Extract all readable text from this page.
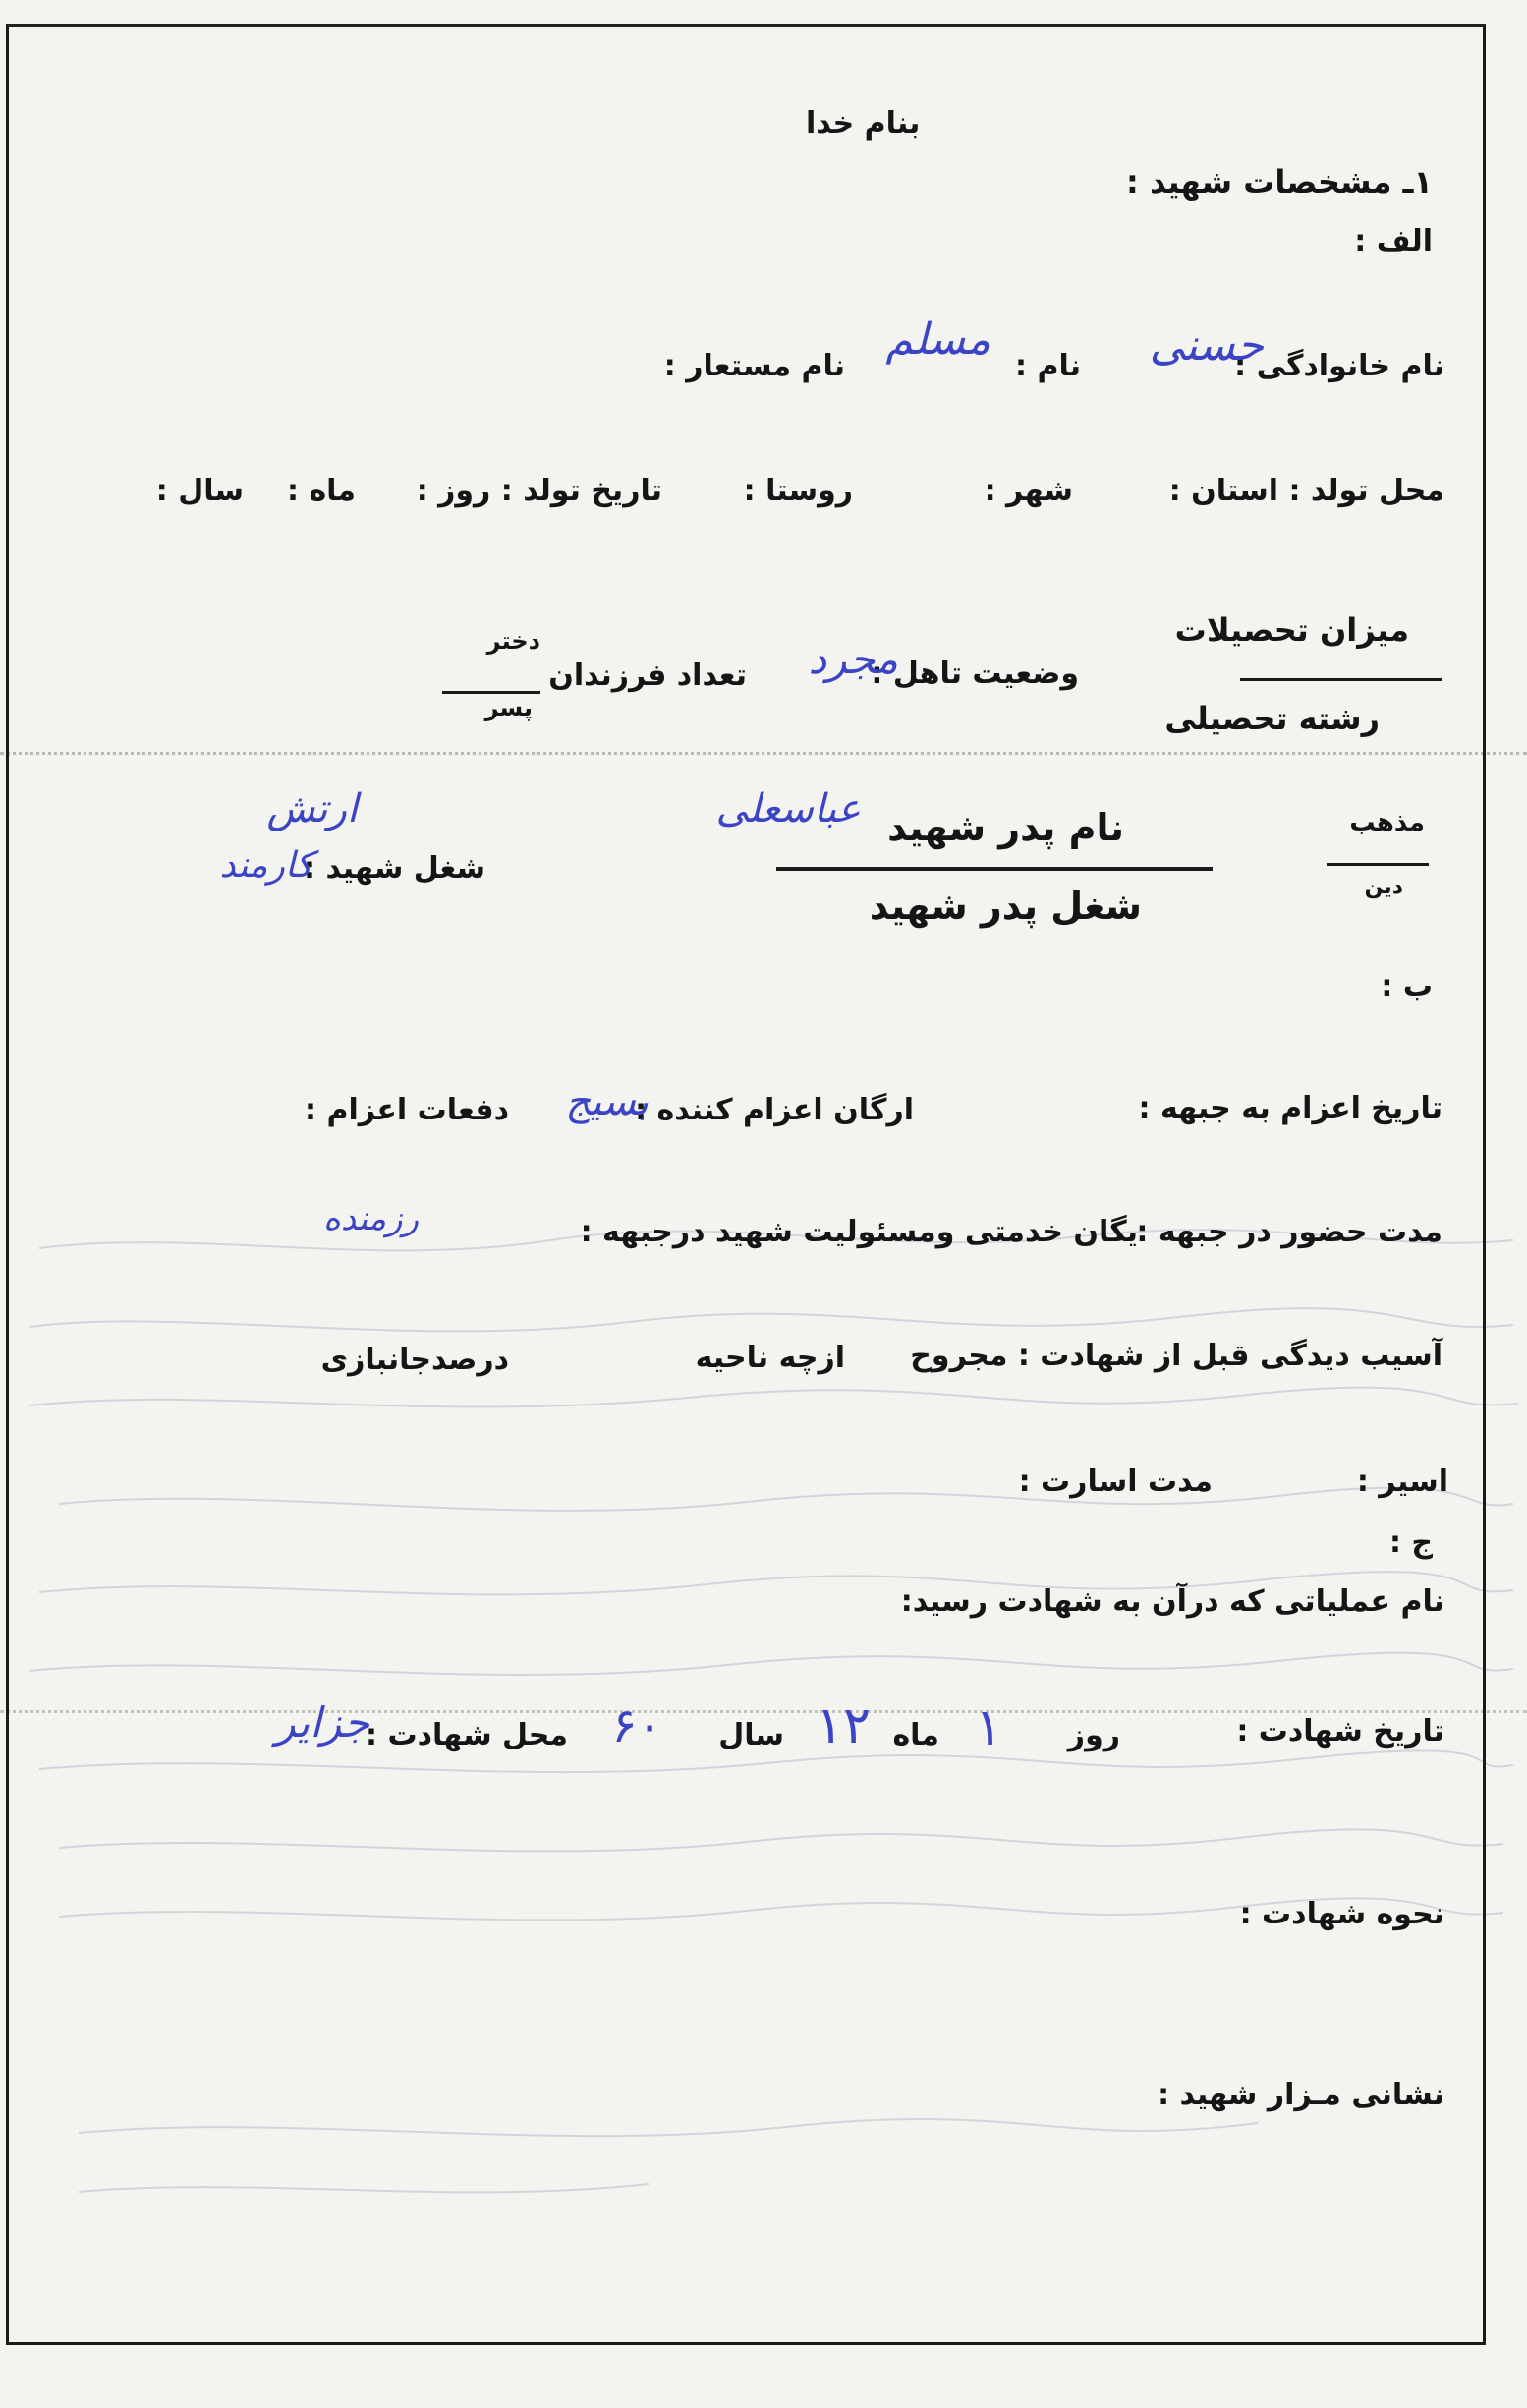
بنام خدا
۱ـ مشخصات شهید :
الف :
نام خانوادگی :
حسنی
نام :
مسلم
نام مستعار :
محل تولد : استان :
شهر :
روستا :
تاریخ تولد : روز :
ماه :
سال :
میزان تحصیلات
رشته تحصیلی
وضعیت تاهل :
مجرد
تعداد فرزندان
دختر
پسر
مذهب
دین
نام پدر شهید
عباسعلی
شغل پدر شهید
شغل شهید :
کارمند
ارتش
ب :
تاریخ اعزام به جبهه :
ارگان اعزام کننده :
بسیج
دفعات اعزام :
مدت حضور در جبهه :
یگان خدمتی ومسئولیت شهید درجبهه :
رزمنده
آسیب دیدگی قبل از شهادت : مجروح
ازچه ناحیه
درصدجانبازی
اسیر :
مدت اسارت :
ج :
نام عملیاتی که درآن به شهادت رسید:
تاریخ شهادت :
روز
۱
ماه
۱۲
سال
۶۰
محل شهادت :
جزایر
نحوه شهادت :
نشانی مـزار شهید :
